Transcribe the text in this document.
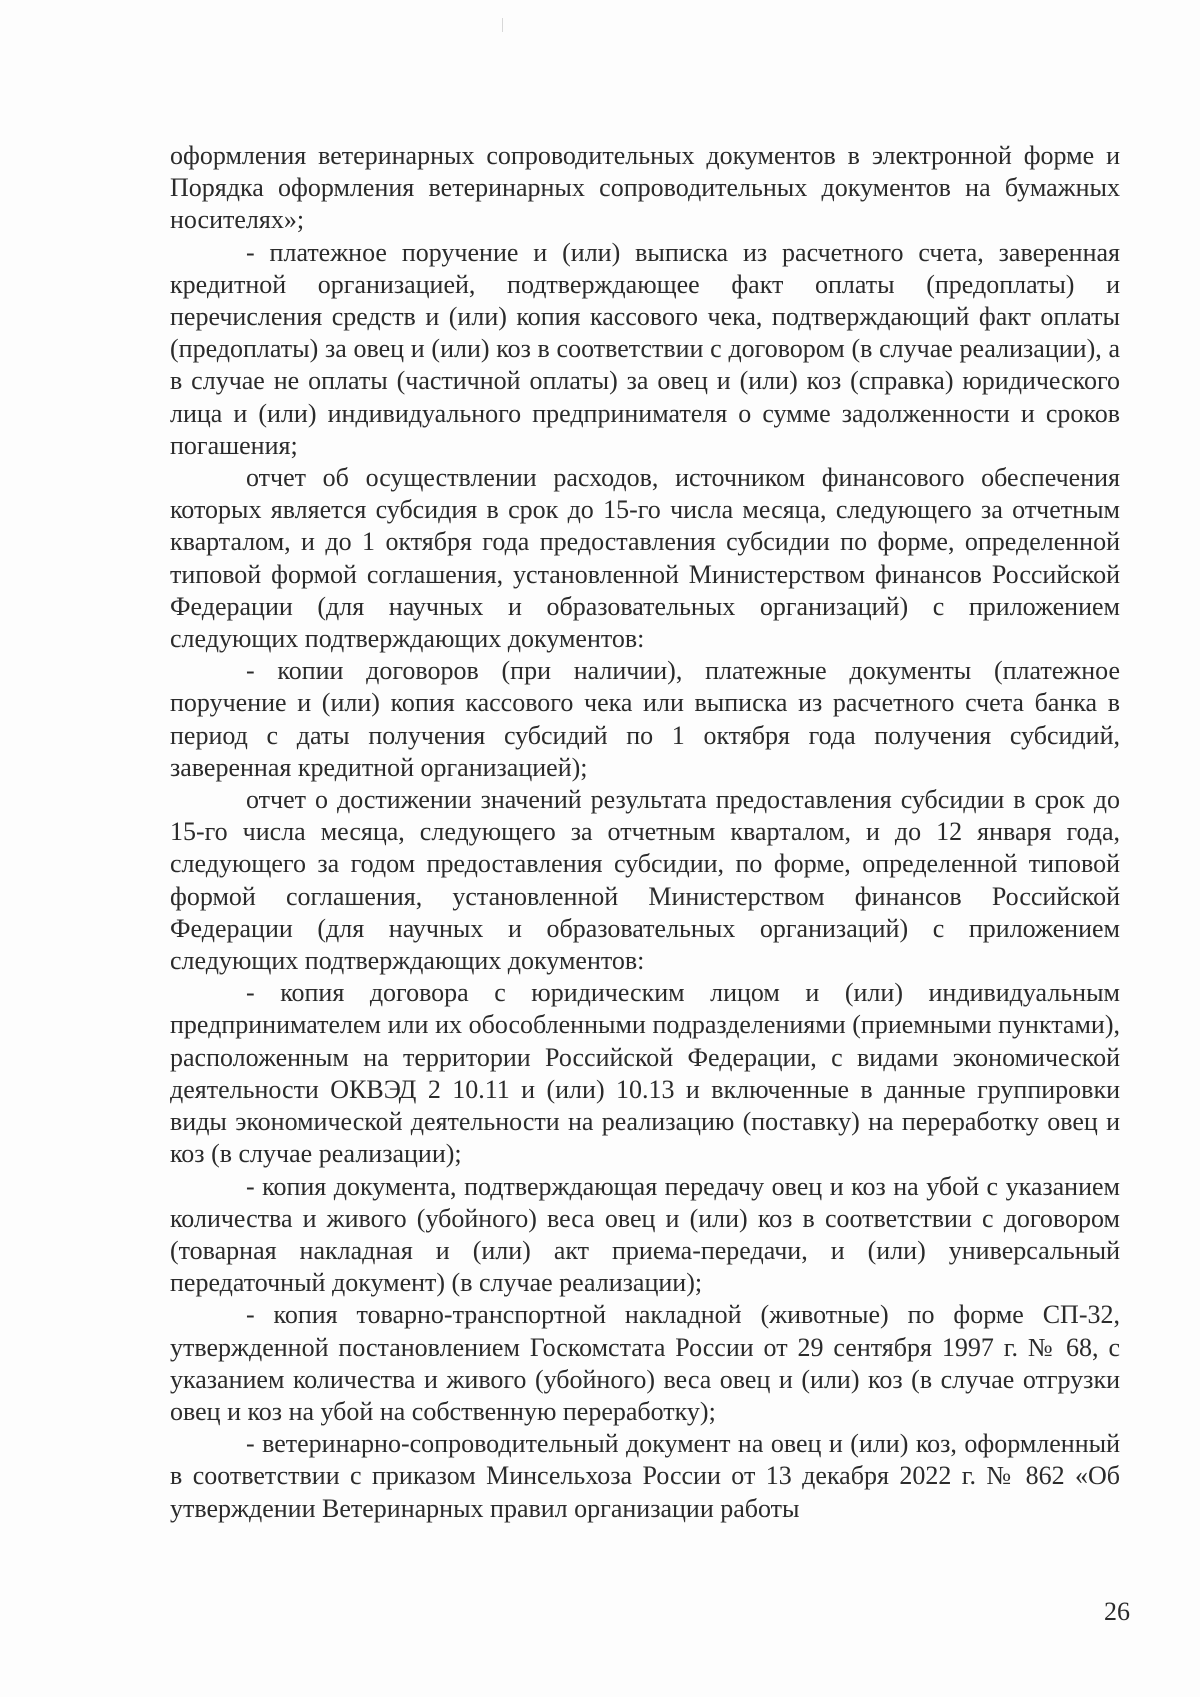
оформления ветеринарных сопроводительных документов в электронной форме и Порядка оформления ветеринарных сопроводительных документов на бумажных носителях»;

- платежное поручение и (или) выписка из расчетного счета, заверенная кредитной организацией, подтверждающее факт оплаты (предоплаты) и перечисления средств и (или) копия кассового чека, подтверждающий факт оплаты (предоплаты) за овец и (или) коз в соответствии с договором (в случае реализации), а в случае не оплаты (частичной оплаты) за овец и (или) коз (справка) юридического лица и (или) индивидуального предпринимателя о сумме задолженности и сроков погашения;

отчет об осуществлении расходов, источником финансового обеспечения которых является субсидия в срок до 15-го числа месяца, следующего за отчетным кварталом, и до 1 октября года предоставления субсидии по форме, определенной типовой формой соглашения, установленной Министерством финансов Российской Федерации (для научных и образовательных организаций) с приложением следующих подтверждающих документов:

- копии договоров (при наличии), платежные документы (платежное поручение и (или) копия кассового чека или выписка из расчетного счета банка в период с даты получения субсидий по 1 октября года получения субсидий, заверенная кредитной организацией);

отчет о достижении значений результата предоставления субсидии в срок до 15-го числа месяца, следующего за отчетным кварталом, и до 12 января года, следующего за годом предоставления субсидии, по форме, определенной типовой формой соглашения, установленной Министерством финансов Российской Федерации (для научных и образовательных организаций) с приложением следующих подтверждающих документов:

- копия договора с юридическим лицом и (или) индивидуальным предпринимателем или их обособленными подразделениями (приемными пунктами), расположенным на территории Российской Федерации, с видами экономической деятельности ОКВЭД 2 10.11 и (или) 10.13 и включенные в данные группировки виды экономической деятельности на реализацию (поставку) на переработку овец и коз (в случае реализации);

- копия документа, подтверждающая передачу овец и коз на убой с указанием количества и живого (убойного) веса овец и (или) коз в соответствии с договором (товарная накладная и (или) акт приема-передачи, и (или) универсальный передаточный документ) (в случае реализации);

- копия товарно-транспортной накладной (животные) по форме СП-32, утвержденной постановлением Госкомстата России от 29 сентября 1997 г. № 68, с указанием количества и живого (убойного) веса овец и (или) коз (в случае отгрузки овец и коз на убой на собственную переработку);

- ветеринарно-сопроводительный документ на овец и (или) коз, оформленный в соответствии с приказом Минсельхоза России от 13 декабря 2022 г. № 862 «Об утверждении Ветеринарных правил организации работы

26
